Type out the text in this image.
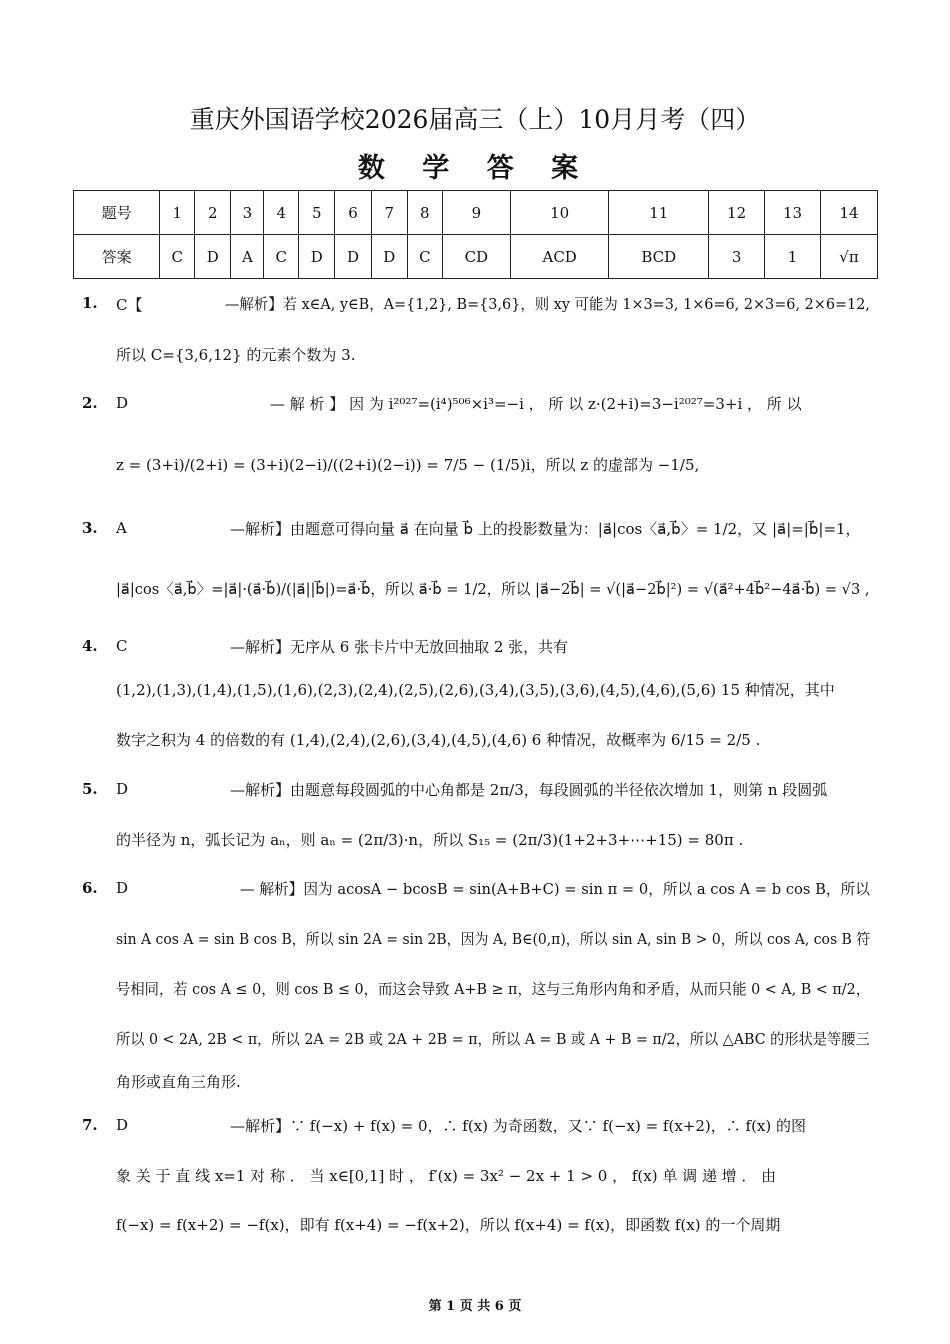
重庆外国语学校2026届高三（上）10月月考（四）
数 学 答 案
题号	1	2	3	4	5	6	7	8	9	10	11	12	13	14
答案	C	D	A	C	D	D	D	C	CD	ACD	BCD	3	1	√π
1. C【	—解析】若 x∈A, y∈B，A={1,2}, B={3,6}，则 xy 可能为 1×3=3, 1×6=6, 2×3=6, 2×6=12,
所以 C={3,6,12} 的元素个数为 3.
2. D	— 解 析 】 因 为 i²⁰²⁷=(i⁴)⁵⁰⁶×i³=−i ， 所 以 z·(2+i)=3−i²⁰²⁷=3+i ， 所 以
z = (3+i)/(2+i) = (3+i)(2−i)/((2+i)(2−i)) = 7/5 − (1/5)i，所以 z 的虚部为 −1/5,
3. A	—解析】由题意可得向量 a⃗ 在向量 b⃗ 上的投影数量为：|a⃗|cos〈a⃗,b⃗〉= 1/2，又 |a⃗|=|b⃗|=1，
|a⃗|cos〈a⃗,b⃗〉=|a⃗|·(a⃗·b⃗)/(|a⃗||b⃗|)=a⃗·b⃗，所以 a⃗·b⃗ = 1/2，所以 |a⃗−2b⃗| = √(|a⃗−2b⃗|²) = √(a⃗²+4b⃗²−4a⃗·b⃗) = √3 ,
4. C	—解析】无序从 6 张卡片中无放回抽取 2 张，共有
(1,2),(1,3),(1,4),(1,5),(1,6),(2,3),(2,4),(2,5),(2,6),(3,4),(3,5),(3,6),(4,5),(4,6),(5,6) 15 种情况，其中
数字之积为 4 的倍数的有 (1,4),(2,4),(2,6),(3,4),(4,5),(4,6) 6 种情况，故概率为 6/15 = 2/5 .
5. D	—解析】由题意每段圆弧的中心角都是 2π/3，每段圆弧的半径依次增加 1，则第 n 段圆弧
的半径为 n，弧长记为 aₙ，则 aₙ = (2π/3)·n，所以 S₁₅ = (2π/3)(1+2+3+⋯+15) = 80π .
6. D	— 解析】因为 acosA − bcosB = sin(A+B+C) = sin π = 0，所以 a cos A = b cos B，所以
sin A cos A = sin B cos B，所以 sin 2A = sin 2B，因为 A, B∈(0,π)，所以 sin A, sin B > 0，所以 cos A, cos B 符
号相同，若 cos A ≤ 0，则 cos B ≤ 0，而这会导致 A+B ≥ π，这与三角形内角和矛盾，从而只能 0 < A, B < π/2，
所以 0 < 2A, 2B < π，所以 2A = 2B 或 2A + 2B = π，所以 A = B 或 A + B = π/2，所以 △ABC 的形状是等腰三
角形或直角三角形.
7. D	—解析】∵ f(−x) + f(x) = 0，∴ f(x) 为奇函数，又∵ f(−x) = f(x+2)，∴ f(x) 的图
象 关 于 直 线 x=1 对 称 ． 当 x∈[0,1] 时 ， f′(x) = 3x² − 2x + 1 > 0 ， f(x) 单 调 递 增 ． 由
f(−x) = f(x+2) = −f(x)，即有 f(x+4) = −f(x+2)，所以 f(x+4) = f(x)，即函数 f(x) 的一个周期
第 1 页 共 6 页
